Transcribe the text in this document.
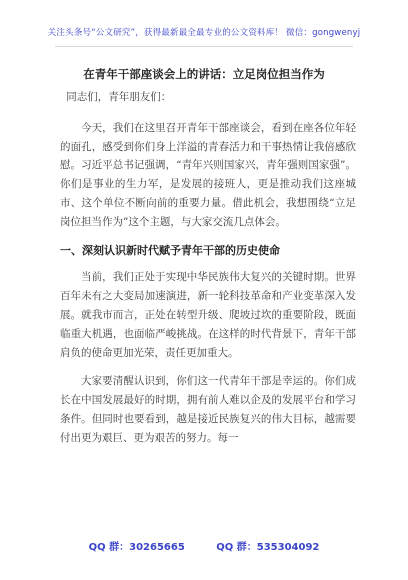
关注头条号“公文研究”，获得最新最全最专业的公文资料库！ 微信：gongwenyj
在青年干部座谈会上的讲话：立足岗位担当作为

同志们，青年朋友们：

今天，我们在这里召开青年干部座谈会，看到在座各位年轻的面孔，感受到你们身上洋溢的青春活力和干事热情让我倍感欣慰。习近平总书记强调，“青年兴则国家兴，青年强则国家强”。你们是事业的生力军，是发展的接班人，更是推动我们这座城市、这个单位不断向前的重要力量。借此机会，我想围绕“立足岗位担当作为”这个主题，与大家交流几点体会。

一、深刻认识新时代赋予青年干部的历史使命

当前，我们正处于实现中华民族伟大复兴的关键时期。世界百年未有之大变局加速演进，新一轮科技革命和产业变革深入发展。就我市而言，正处在转型升级、爬坡过坎的重要阶段，既面临重大机遇，也面临严峻挑战。在这样的时代背景下，青年干部肩负的使命更加光荣，责任更加重大。

大家要清醒认识到，你们这一代青年干部是幸运的。你们成长在中国发展最好的时期，拥有前人难以企及的发展平台和学习条件。但同时也要看到，越是接近民族复兴的伟大目标，越需要付出更为艰巨、更为艰苦的努力。每一

QQ 群：30265665	QQ 群：535304092
